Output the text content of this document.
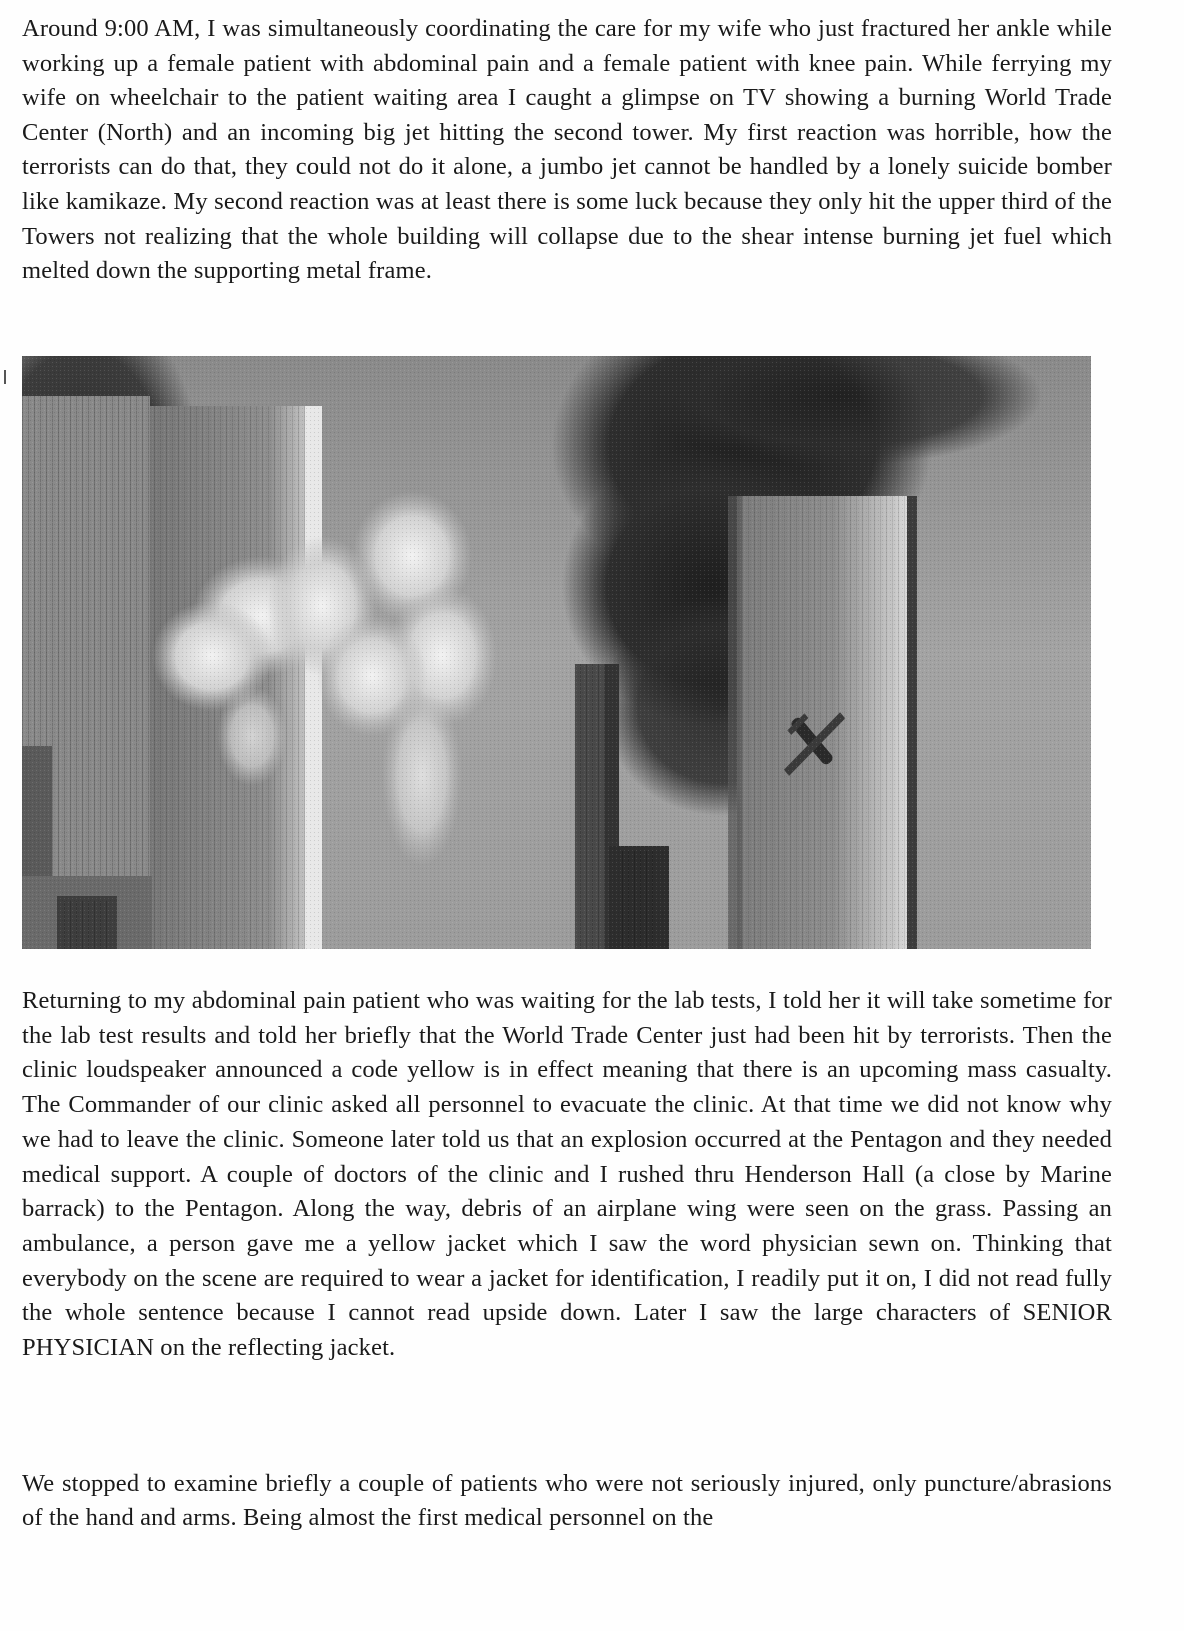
Around 9:00 AM, I was simultaneously coordinating the care for my wife who just fractured her ankle while working up a female patient with abdominal pain and a female patient with knee pain. While ferrying my wife on wheelchair to the patient waiting area I caught a glimpse on TV showing a burning World Trade Center (North) and an incoming big jet hitting the second tower. My first reaction was horrible, how the terrorists can do that, they could not do it alone, a jumbo jet cannot be handled by a lonely suicide bomber like kamikaze. My second reaction was at least there is some luck because they only hit the upper third of the Towers not realizing that the whole building will collapse due to the shear intense burning jet fuel which melted down the supporting metal frame.

Returning to my abdominal pain patient who was waiting for the lab tests, I told her it will take sometime for the lab test results and told her briefly that the World Trade Center just had been hit by terrorists. Then the clinic loudspeaker announced a code yellow is in effect meaning that there is an upcoming mass casualty. The Commander of our clinic asked all personnel to evacuate the clinic. At that time we did not know why we had to leave the clinic. Someone later told us that an explosion occurred at the Pentagon and they needed medical support. A couple of doctors of the clinic and I rushed thru Henderson Hall (a close by Marine barrack) to the Pentagon. Along the way, debris of an airplane wing were seen on the grass. Passing an ambulance, a person gave me a yellow jacket which I saw the word physician sewn on. Thinking that everybody on the scene are required to wear a jacket for identification, I readily put it on, I did not read fully the whole sentence because I cannot read upside down. Later I saw the large characters of SENIOR PHYSICIAN on the reflecting jacket.

We stopped to examine briefly a couple of patients who were not seriously injured, only puncture/abrasions of the hand and arms. Being almost the first medical personnel on the
